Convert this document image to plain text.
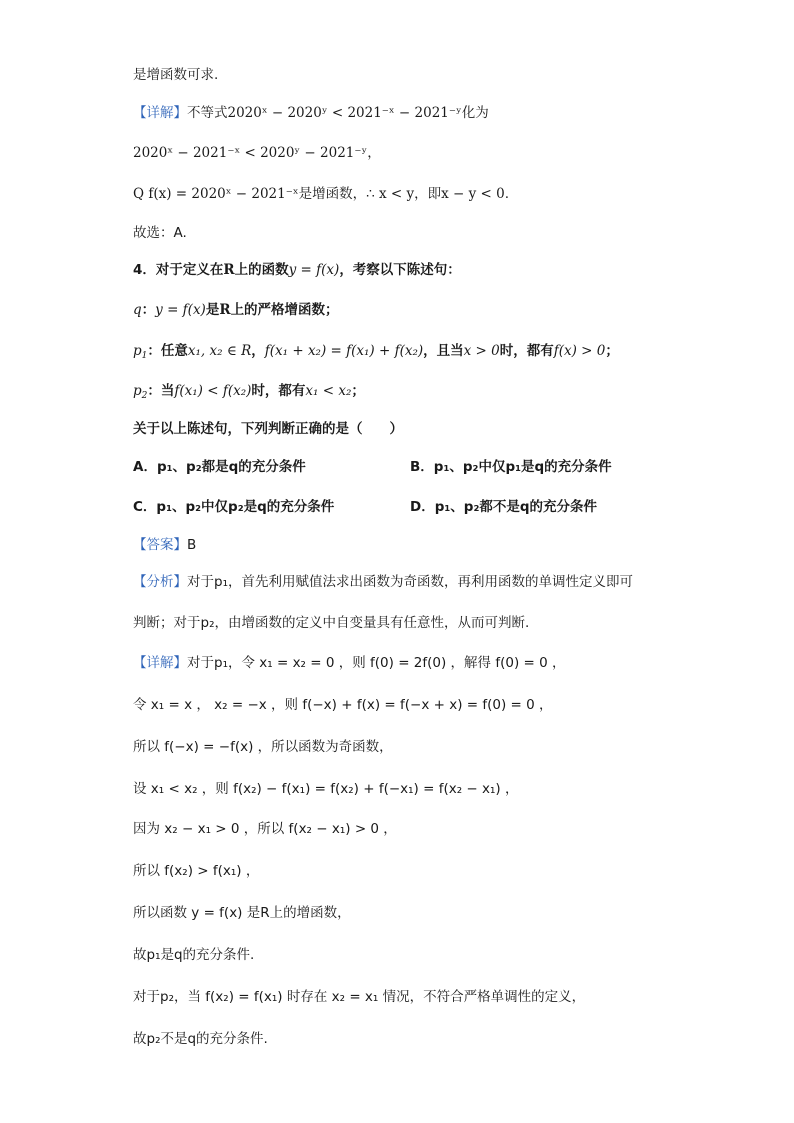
是增函数可求.
【详解】不等式2020ˣ − 2020ʸ < 2021⁻ˣ − 2021⁻ʸ化为
2020ˣ − 2021⁻ˣ < 2020ʸ − 2021⁻ʸ，
Q f(x) = 2020ˣ − 2021⁻ˣ是增函数，∴ x < y，即x − y < 0.
故选：A.
4．对于定义在R上的函数y = f(x)，考察以下陈述句：
q：y = f(x)是R上的严格增函数；
$p_1$：任意x₁, x₂ ∈ R，f(x₁ + x₂) = f(x₁) + f(x₂)，且当x > 0时，都有f(x) > 0；
$p_2$：当f(x₁) < f(x₂)时，都有x₁ < x₂；
关于以上陈述句，下列判断正确的是（　　）
A．p₁、p₂都是q的充分条件	B．p₁、p₂中仅p₁是q的充分条件
C．p₁、p₂中仅p₂是q的充分条件	D．p₁、p₂都不是q的充分条件
【答案】B
【分析】对于p₁，首先利用赋值法求出函数为奇函数，再利用函数的单调性定义即可
判断；对于p₂，由增函数的定义中自变量具有任意性，从而可判断.
【详解】对于p₁，令 x₁ = x₂ = 0 ，则 f(0) = 2f(0) ，解得 f(0) = 0 ，
令 x₁ = x ， x₂ = −x ，则 f(−x) + f(x) = f(−x + x) = f(0) = 0 ，
所以 f(−x) = −f(x) ，所以函数为奇函数，
设 x₁ < x₂ ，则 f(x₂) − f(x₁) = f(x₂) + f(−x₁) = f(x₂ − x₁) ，
因为 x₂ − x₁ > 0 ，所以 f(x₂ − x₁) > 0 ，
所以 f(x₂) > f(x₁) ，
所以函数 y = f(x) 是R上的增函数，
故p₁是q的充分条件.
对于p₂，当 f(x₂) = f(x₁) 时存在 x₂ = x₁ 情况，不符合严格单调性的定义，
故p₂不是q的充分条件.
